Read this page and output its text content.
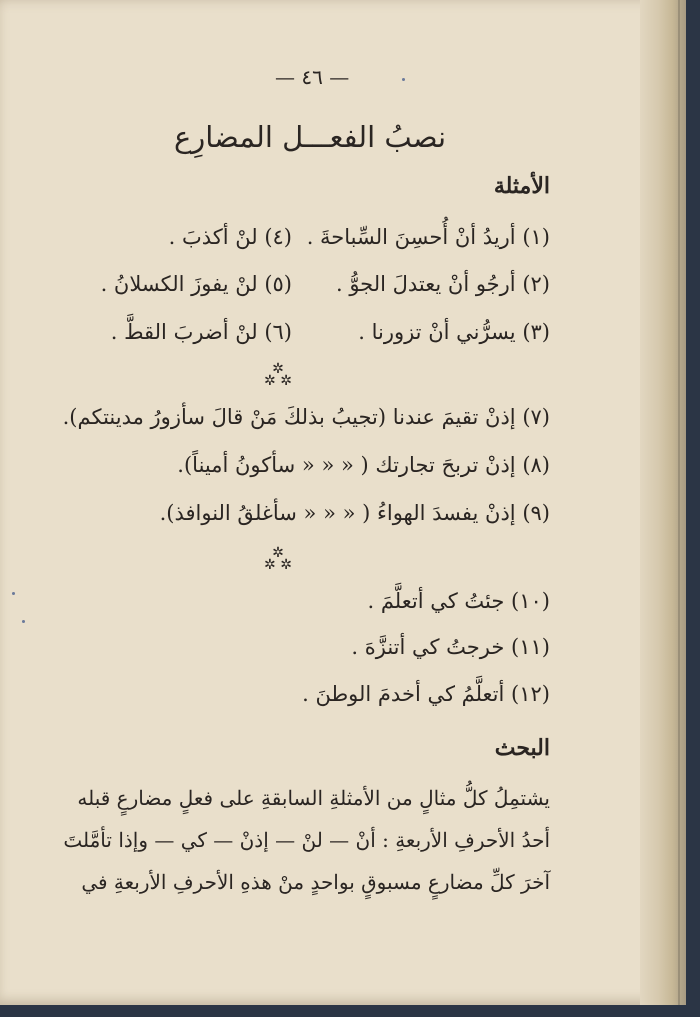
— ٤٦ —
نصبُ الفعـــل المضارِع
الأمثلة
(١) أريدُ أنْ أُحسِنَ السِّباحةَ .
(٤) لنْ أكذبَ .
(٢) أرجُو أنْ يعتدلَ الجوُّ .
(٥) لنْ يفوزَ الكسلانُ .
(٣) يسرُّني أنْ تزورنا .
(٦) لنْ أضربَ القطَّ .
✲
✲ ✲
(٧) إذنْ تقيمَ عندنا (تجيبُ بذلكَ مَنْ قالَ سأزورُ مدينتكم).
(٨) إذنْ تربحَ تجارتك ( « « « سأكونُ أميناً).
(٩) إذنْ يفسدَ الهواءُ ( « « « سأغلقُ النوافذ).
✲
✲ ✲
(١٠) جئتُ كي أتعلَّمَ .
(١١) خرجتُ كي أتنزَّهَ .
(١٢) أتعلَّمُ كي أخدمَ الوطنَ .
البحث
يشتمِلُ كلُّ مثالٍ من الأمثلةِ السابقةِ على فعلٍ مضارعٍ قبله
أحدُ الأحرفِ الأربعةِ : أنْ — لنْ — إذنْ — كي — وإذا تأمَّلتَ
آخرَ كلِّ مضارعٍ مسبوقٍ بواحدٍ منْ هذهِ الأحرفِ الأربعةِ في
